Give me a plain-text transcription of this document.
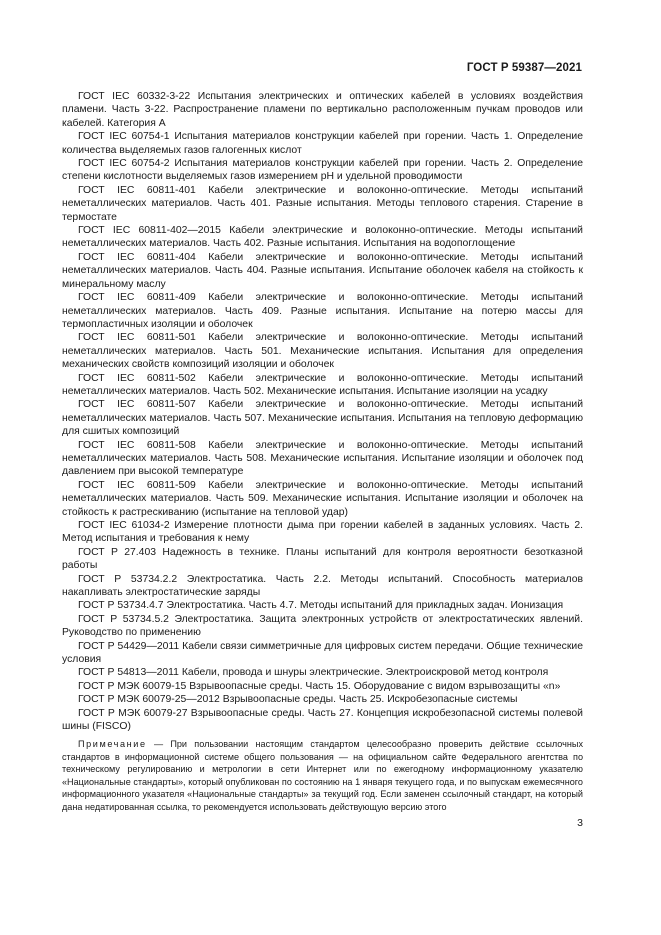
ГОСТ Р 59387—2021

ГОСТ IEC 60332-3-22 Испытания электрических и оптических кабелей в условиях воздействия пламени. Часть 3-22. Распространение пламени по вертикально расположенным пучкам проводов или кабелей. Категория A

ГОСТ IEC 60754-1 Испытания материалов конструкции кабелей при горении. Часть 1. Определение количества выделяемых газов галогенных кислот

ГОСТ IEC 60754-2 Испытания материалов конструкции кабелей при горении. Часть 2. Определение степени кислотности выделяемых газов измерением pH и удельной проводимости

ГОСТ IEC 60811-401 Кабели электрические и волоконно-оптические. Методы испытаний неметаллических материалов. Часть 401. Разные испытания. Методы теплового старения. Старение в термостате

ГОСТ IEC 60811-402—2015 Кабели электрические и волоконно-оптические. Методы испытаний неметаллических материалов. Часть 402. Разные испытания. Испытания на водопоглощение

ГОСТ IEC 60811-404 Кабели электрические и волоконно-оптические. Методы испытаний неметаллических материалов. Часть 404. Разные испытания. Испытание оболочек кабеля на стойкость к минеральному маслу

ГОСТ IEC 60811-409 Кабели электрические и волоконно-оптические. Методы испытаний неметаллических материалов. Часть 409. Разные испытания. Испытание на потерю массы для термопластичных изоляции и оболочек

ГОСТ IEC 60811-501 Кабели электрические и волоконно-оптические. Методы испытаний неметаллических материалов. Часть 501. Механические испытания. Испытания для определения механических свойств композиций изоляции и оболочек

ГОСТ IEC 60811-502 Кабели электрические и волоконно-оптические. Методы испытаний неметаллических материалов. Часть 502. Механические испытания. Испытание изоляции на усадку

ГОСТ IEC 60811-507 Кабели электрические и волоконно-оптические. Методы испытаний неметаллических материалов. Часть 507. Механические испытания. Испытания на тепловую деформацию для сшитых композиций

ГОСТ IEC 60811-508 Кабели электрические и волоконно-оптические. Методы испытаний неметаллических материалов. Часть 508. Механические испытания. Испытание изоляции и оболочек под давлением при высокой температуре

ГОСТ IEC 60811-509 Кабели электрические и волоконно-оптические. Методы испытаний неметаллических материалов. Часть 509. Механические испытания. Испытание изоляции и оболочек на стойкость к растрескиванию (испытание на тепловой удар)

ГОСТ IEC 61034-2 Измерение плотности дыма при горении кабелей в заданных условиях. Часть 2. Метод испытания и требования к нему

ГОСТ Р 27.403 Надежность в технике. Планы испытаний для контроля вероятности безотказной работы

ГОСТ Р 53734.2.2 Электростатика. Часть 2.2. Методы испытаний. Способность материалов накапливать электростатические заряды

ГОСТ Р 53734.4.7 Электростатика. Часть 4.7. Методы испытаний для прикладных задач. Ионизация

ГОСТ Р 53734.5.2 Электростатика. Защита электронных устройств от электростатических явлений. Руководство по применению

ГОСТ Р 54429—2011 Кабели связи симметричные для цифровых систем передачи. Общие технические условия

ГОСТ Р 54813—2011 Кабели, провода и шнуры электрические. Электроискровой метод контроля

ГОСТ Р МЭК 60079-15 Взрывоопасные среды. Часть 15. Оборудование с видом взрывозащиты «n»

ГОСТ Р МЭК 60079-25—2012 Взрывоопасные среды. Часть 25. Искробезопасные системы

ГОСТ Р МЭК 60079-27 Взрывоопасные среды. Часть 27. Концепция искробезопасной системы полевой шины (FISCO)

Примечание — При пользовании настоящим стандартом целесообразно проверить действие ссылочных стандартов в информационной системе общего пользования — на официальном сайте Федерального агентства по техническому регулированию и метрологии в сети Интернет или по ежегодному информационному указателю «Национальные стандарты», который опубликован по состоянию на 1 января текущего года, и по выпускам ежемесячного информационного указателя «Национальные стандарты» за текущий год. Если заменен ссылочный стандарт, на который дана недатированная ссылка, то рекомендуется использовать действующую версию этого

3
